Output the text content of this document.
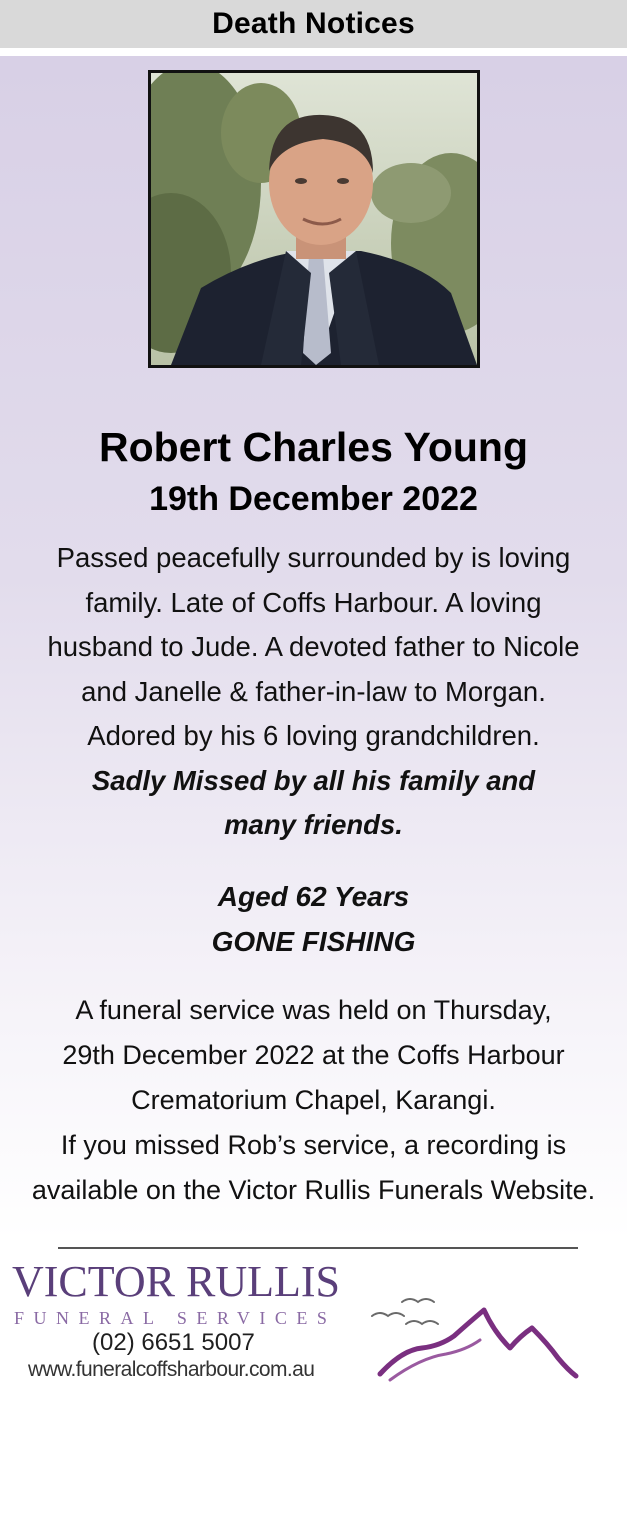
Death Notices
Robert Charles Young
19th December 2022
Passed peacefully surrounded by is loving
family. Late of Coffs Harbour. A loving
husband to Jude. A devoted father to Nicole
and Janelle & father-in-law to Morgan.
Adored by his 6 loving grandchildren.
Sadly Missed by all his family and
many friends.
Aged 62 Years
GONE FISHING
A funeral service was held on Thursday,
29th December 2022 at the Coffs Harbour
Crematorium Chapel, Karangi.
If you missed Rob’s service, a recording is
available on the Victor Rullis Funerals Website.
VICTOR RULLIS
FUNERAL SERVICES
(02) 6651 5007
www.funeralcoffsharbour.com.au
